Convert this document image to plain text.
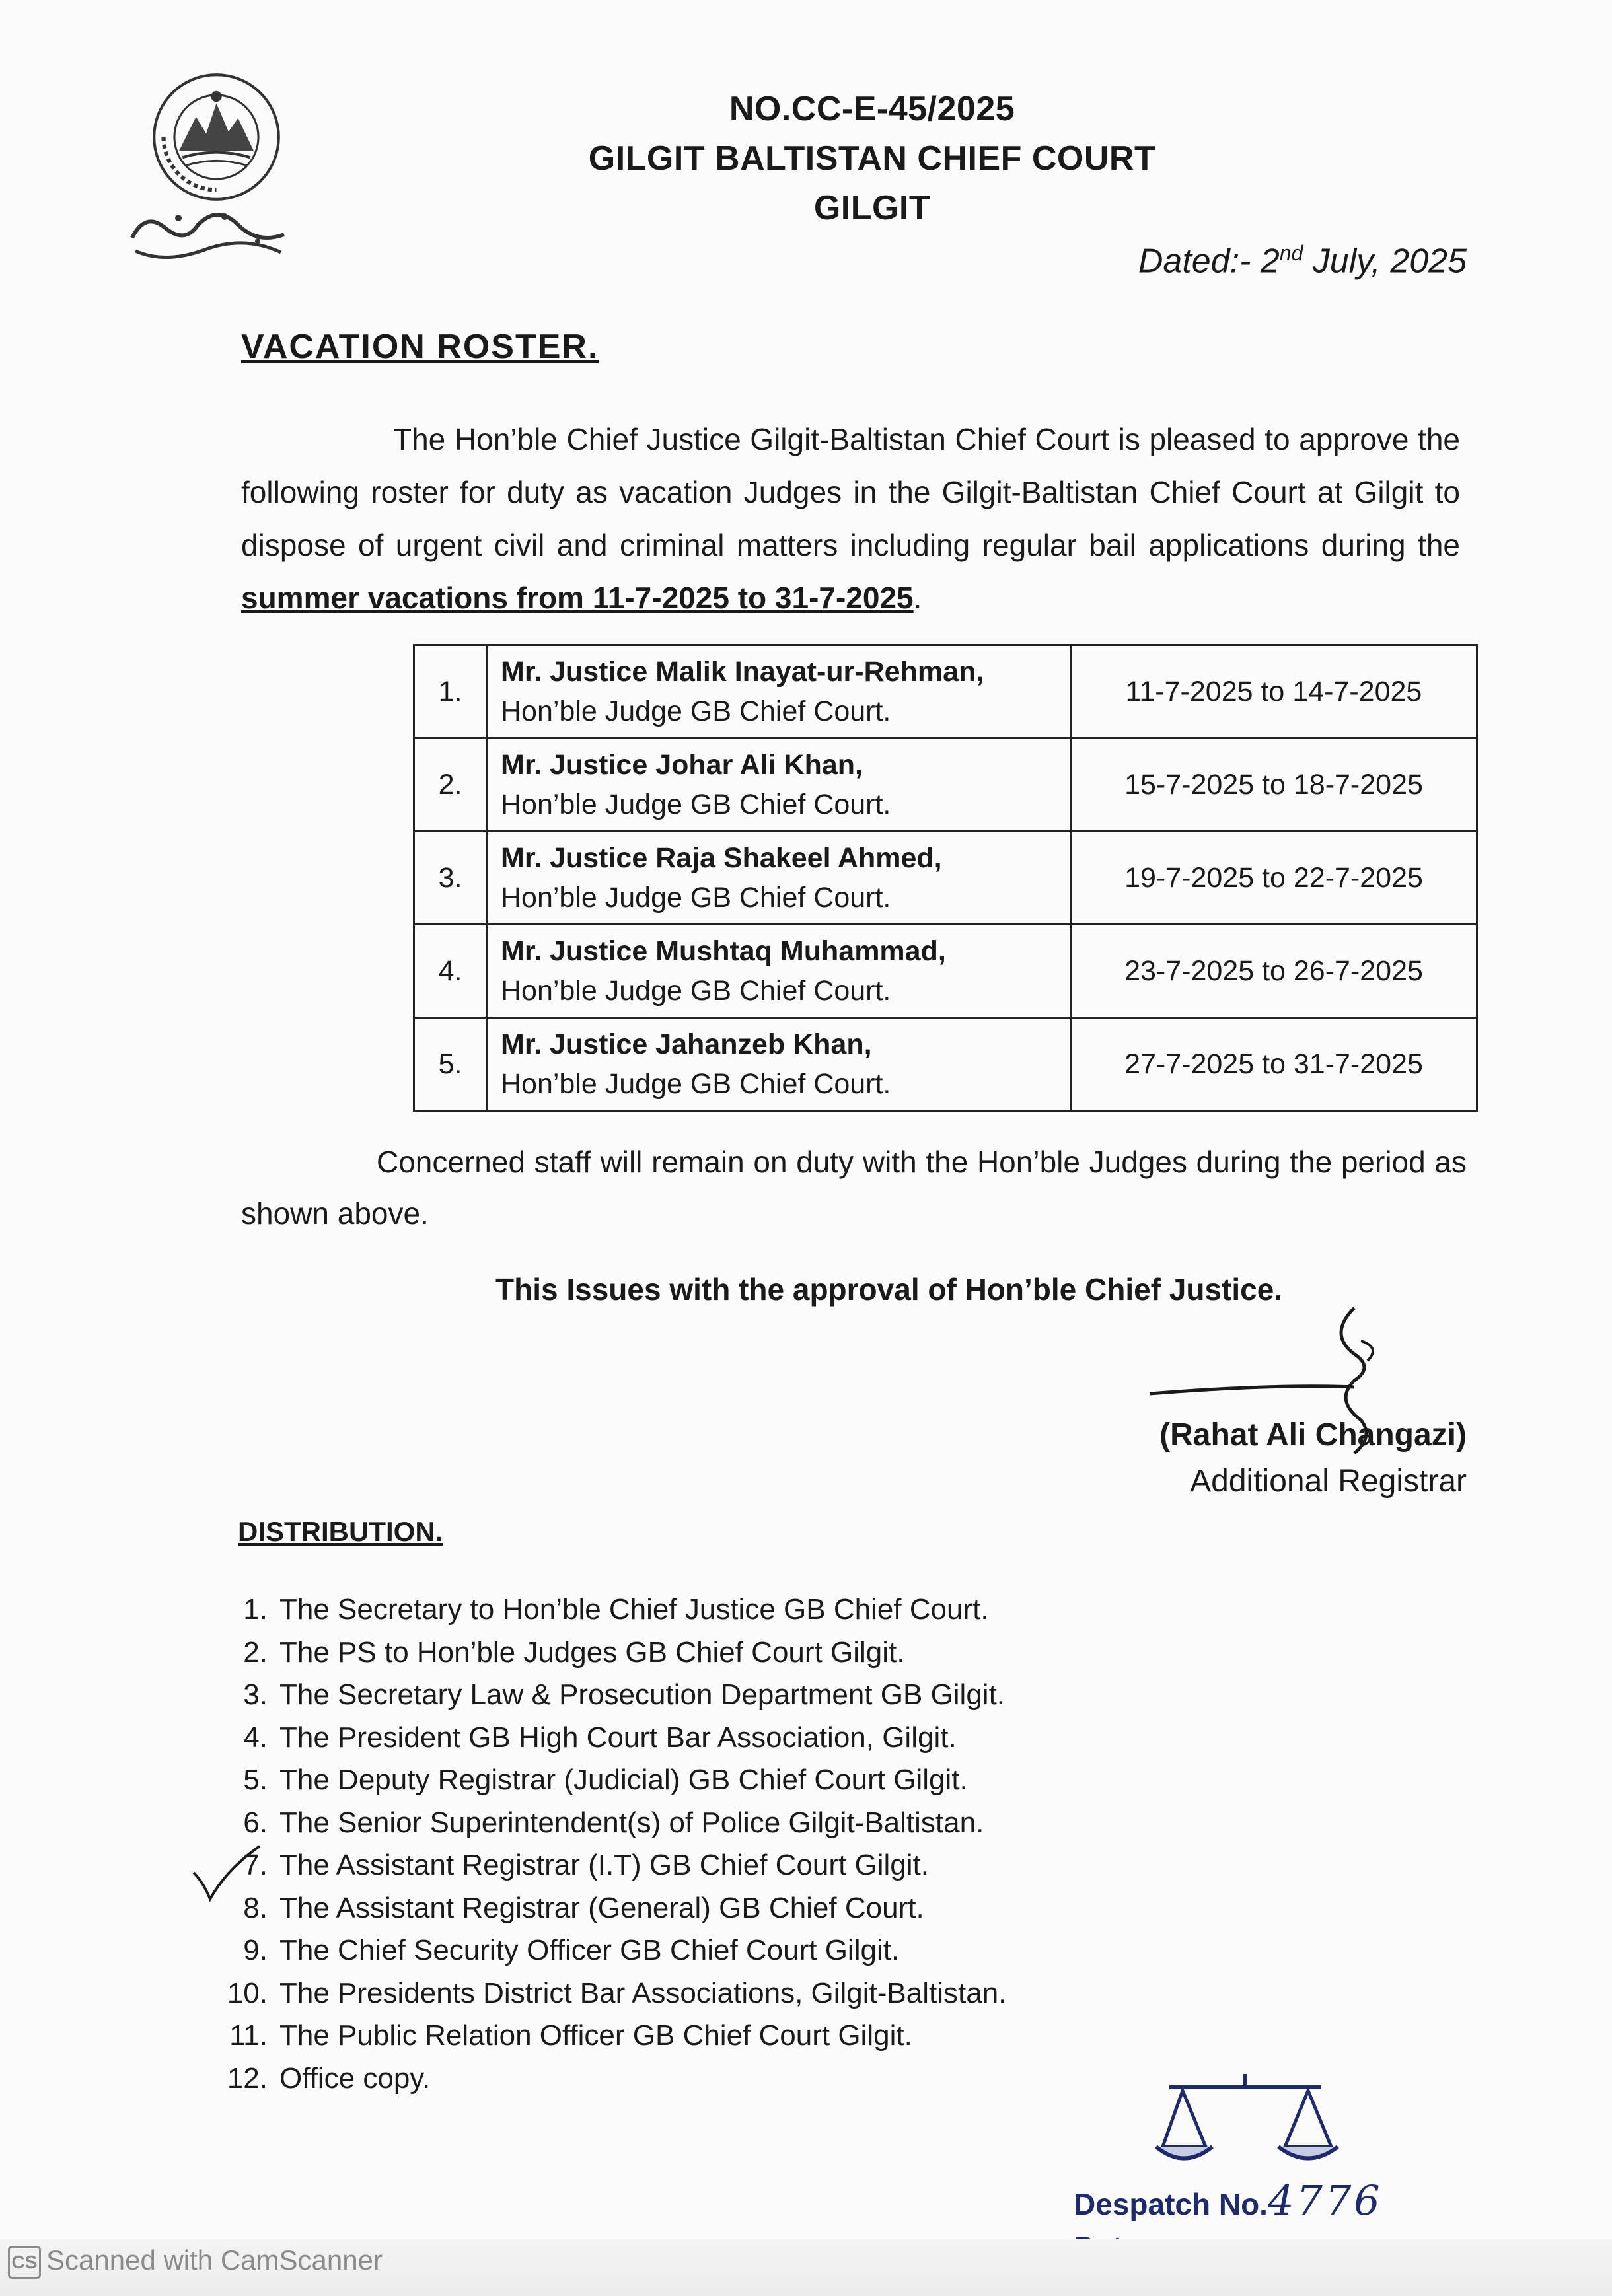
NO.CC-E-45/2025
GILGIT BALTISTAN CHIEF COURT
GILGIT
Dated:- 2nd July, 2025
VACATION ROSTER.
The Hon’ble Chief Justice Gilgit-Baltistan Chief Court is pleased to approve the following roster for duty as vacation Judges in the Gilgit-Baltistan Chief Court at Gilgit to dispose of urgent civil and criminal matters including regular bail applications during the summer vacations from 11-7-2025 to 31-7-2025.
1.	Mr. Justice Malik Inayat-ur-Rehman,
Hon’ble Judge GB Chief Court.	11-7-2025 to 14-7-2025
2.	Mr. Justice Johar Ali Khan,
Hon’ble Judge GB Chief Court.	15-7-2025 to 18-7-2025
3.	Mr. Justice Raja Shakeel Ahmed,
Hon’ble Judge GB Chief Court.	19-7-2025 to 22-7-2025
4.	Mr. Justice Mushtaq Muhammad,
Hon’ble Judge GB Chief Court.	23-7-2025 to 26-7-2025
5.	Mr. Justice Jahanzeb Khan,
Hon’ble Judge GB Chief Court.	27-7-2025 to 31-7-2025
Concerned staff will remain on duty with the Hon’ble Judges during the period as shown above.
This Issues with the approval of Hon’ble Chief Justice.
(Rahat Ali Changazi)
Additional Registrar
DISTRIBUTION.
1. The Secretary to Hon’ble Chief Justice GB Chief Court.
2. The PS to Hon’ble Judges GB Chief Court Gilgit.
3. The Secretary Law & Prosecution Department GB Gilgit.
4. The President GB High Court Bar Association, Gilgit.
5. The Deputy Registrar (Judicial) GB Chief Court Gilgit.
6. The Senior Superintendent(s) of Police Gilgit-Baltistan.
7. The Assistant Registrar (I.T) GB Chief Court Gilgit.
8. The Assistant Registrar (General) GB Chief Court.
9. The Chief Security Officer GB Chief Court Gilgit.
10. The Presidents District Bar Associations, Gilgit-Baltistan.
11. The Public Relation Officer GB Chief Court Gilgit.
12. Office copy.
Despatch No.4776
CS Scanned with CamScanner
